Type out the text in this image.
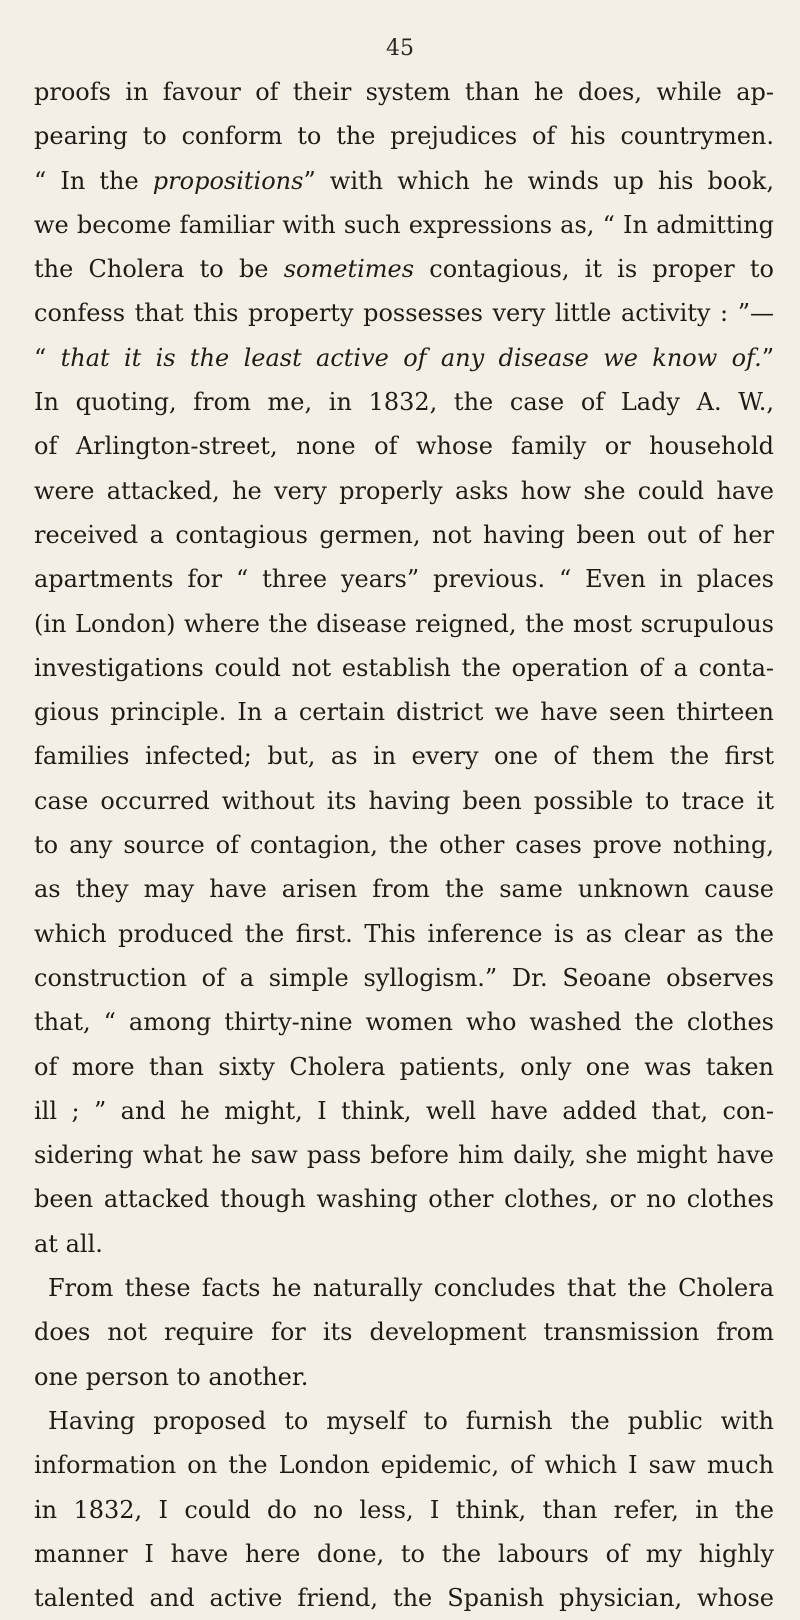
45
proofs in favour of their system than he does, while ap-
pearing to conform to the prejudices of his countrymen.
“ In the propositions” with which he winds up his book,
we become familiar with such expressions as, “ In admitting
the Cholera to be sometimes contagious, it is proper to
confess that this property possesses very little activity : ”—
“ that it is the least active of any disease we know of.”
In quoting, from me, in 1832, the case of Lady A. W.,
of Arlington-street, none of whose family or household
were attacked, he very properly asks how she could have
received a contagious germen, not having been out of her
apartments for “ three years” previous. “ Even in places
(in London) where the disease reigned, the most scrupulous
investigations could not establish the operation of a conta-
gious principle. In a certain district we have seen thirteen
families infected; but, as in every one of them the first
case occurred without its having been possible to trace it
to any source of contagion, the other cases prove nothing,
as they may have arisen from the same unknown cause
which produced the first. This inference is as clear as the
construction of a simple syllogism.” Dr. Seoane observes
that, “ among thirty-nine women who washed the clothes
of more than sixty Cholera patients, only one was taken
ill ; ” and he might, I think, well have added that, con-
sidering what he saw pass before him daily, she might have
been attacked though washing other clothes, or no clothes
at all.
From these facts he naturally concludes that the Cholera
does not require for its development transmission from
one person to another.
Having proposed to myself to furnish the public with
information on the London epidemic, of which I saw much
in 1832, I could do no less, I think, than refer, in the
manner I have here done, to the labours of my highly
talented and active friend, the Spanish physician, whose
